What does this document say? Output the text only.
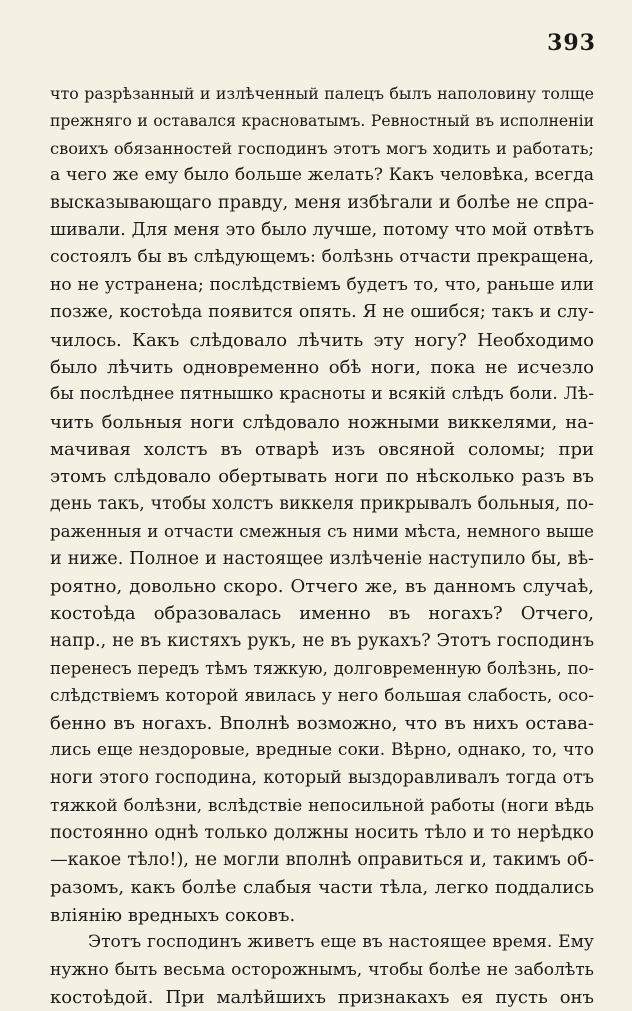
393
что разрѣзанный и излѣченный палецъ былъ наполовину толще
прежняго и оставался красноватымъ. Ревностный въ исполненіи
своихъ обязанностей господинъ этотъ могъ ходить и работать;
а чего же ему было больше желать? Какъ человѣка, всегда
высказывающаго правду, меня избѣгали и болѣе не спра-
шивали. Для меня это было лучше, потому что мой отвѣтъ
состоялъ бы въ слѣдующемъ: болѣзнь отчасти прекращена,
но не устранена; послѣдствіемъ будетъ то, что, раньше или
позже, костоѣда появится опять. Я не ошибся; такъ и слу-
чилось. Какъ слѣдовало лѣчить эту ногу? Необходимо
было лѣчить одновременно обѣ ноги, пока не исчезло
бы послѣднее пятнышко красноты и всякій слѣдъ боли. Лѣ-
чить больныя ноги слѣдовало ножными виккелями, на-
мачивая холстъ въ отварѣ изъ овсяной соломы; при
этомъ слѣдовало обертывать ноги по нѣсколько разъ въ
день такъ, чтобы холстъ виккеля прикрывалъ больныя, по-
раженныя и отчасти смежныя съ ними мѣста, немного выше
и ниже. Полное и настоящее излѣченіе наступило бы, вѣ-
роятно, довольно скоро. Отчего же, въ данномъ случаѣ,
костоѣда образовалась именно въ ногахъ? Отчего,
напр., не въ кистяхъ рукъ, не въ рукахъ? Этотъ господинъ
перенесъ передъ тѣмъ тяжкую, долговременную болѣзнь, по-
слѣдствіемъ которой явилась у него большая слабость, осо-
бенно въ ногахъ. Вполнѣ возможно, что въ нихъ остава-
лись еще нездоровые, вредные соки. Вѣрно, однако, то, что
ноги этого господина, который выздоравливалъ тогда отъ
тяжкой болѣзни, вслѣдствіе непосильной работы (ноги вѣдь
постоянно однѣ только должны носить тѣло и то нерѣдко
—какое тѣло!), не могли вполнѣ оправиться и, такимъ об-
разомъ, какъ болѣе слабыя части тѣла, легко поддались
вліянію вредныхъ соковъ.
Этотъ господинъ живетъ еще въ настоящее время. Ему
нужно быть весьма осторожнымъ, чтобы болѣе не заболѣть
костоѣдой. При малѣйшихъ признакахъ ея пусть онъ
